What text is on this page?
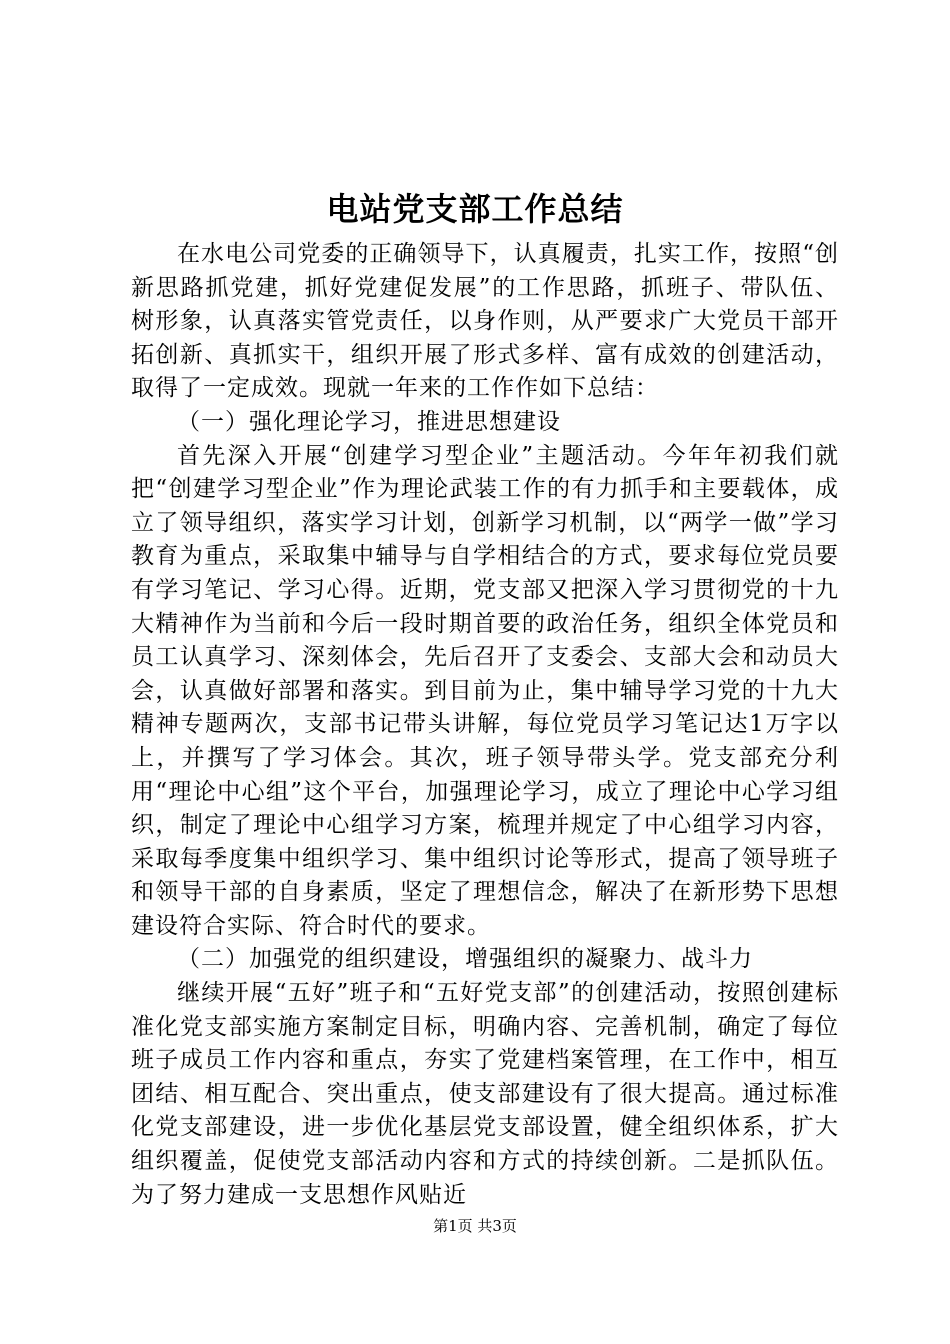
电站党支部工作总结

在水电公司党委的正确领导下，认真履责，扎实工作，按照“创新思路抓党建，抓好党建促发展”的工作思路，抓班子、带队伍、树形象，认真落实管党责任，以身作则，从严要求广大党员干部开拓创新、真抓实干，组织开展了形式多样、富有成效的创建活动，取得了一定成效。现就一年来的工作作如下总结：

（一）强化理论学习，推进思想建设

首先深入开展“创建学习型企业”主题活动。今年年初我们就把“创建学习型企业”作为理论武装工作的有力抓手和主要载体，成立了领导组织，落实学习计划，创新学习机制，以“两学一做”学习教育为重点，采取集中辅导与自学相结合的方式，要求每位党员要有学习笔记、学习心得。近期，党支部又把深入学习贯彻党的十九大精神作为当前和今后一段时期首要的政治任务，组织全体党员和员工认真学习、深刻体会，先后召开了支委会、支部大会和动员大会，认真做好部署和落实。到目前为止，集中辅导学习党的十九大精神专题两次，支部书记带头讲解，每位党员学习笔记达1万字以上，并撰写了学习体会。其次，班子领导带头学。党支部充分利用“理论中心组”这个平台，加强理论学习，成立了理论中心学习组织，制定了理论中心组学习方案，梳理并规定了中心组学习内容，采取每季度集中组织学习、集中组织讨论等形式，提高了领导班子和领导干部的自身素质，坚定了理想信念，解决了在新形势下思想建设符合实际、符合时代的要求。

（二）加强党的组织建设，增强组织的凝聚力、战斗力

继续开展“五好”班子和“五好党支部”的创建活动，按照创建标准化党支部实施方案制定目标，明确内容、完善机制，确定了每位班子成员工作内容和重点，夯实了党建档案管理，在工作中，相互团结、相互配合、突出重点，使支部建设有了很大提高。通过标准化党支部建设，进一步优化基层党支部设置，健全组织体系，扩大组织覆盖，促使党支部活动内容和方式的持续创新。二是抓队伍。为了努力建成一支思想作风贴近

第1页 共3页
